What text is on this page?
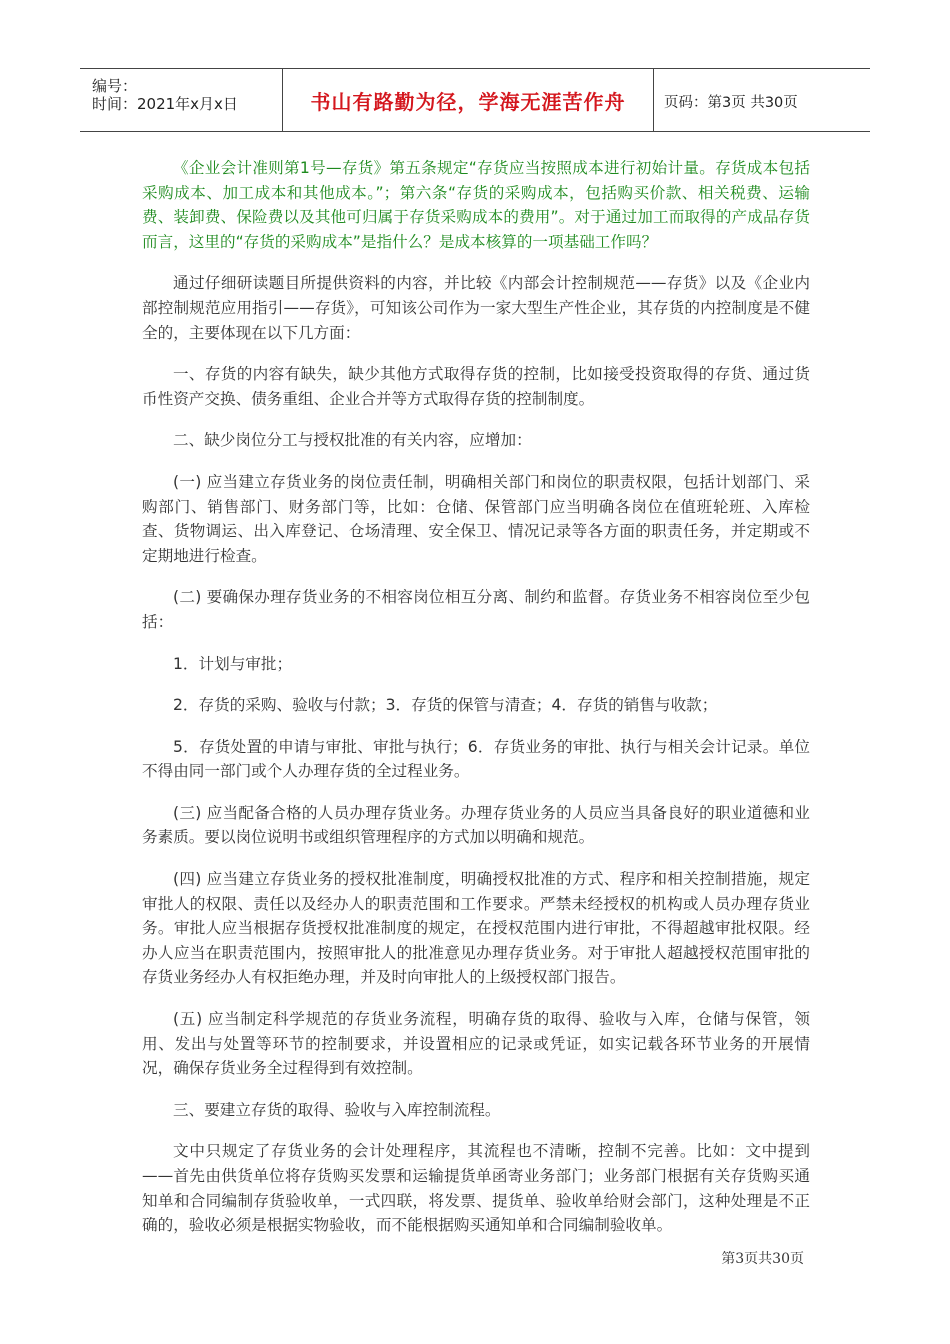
编号：
时间：2021年x月x日	书山有路勤为径，学海无涯苦作舟	页码：第3页 共30页

《企业会计准则第1号—存货》第五条规定“存货应当按照成本进行初始计量。存货成本包括采购成本、加工成本和其他成本。”；第六条“存货的采购成本，包括购买价款、相关税费、运输费、装卸费、保险费以及其他可归属于存货采购成本的费用”。对于通过加工而取得的产成品存货而言，这里的“存货的采购成本”是指什么？是成本核算的一项基础工作吗？

通过仔细研读题目所提供资料的内容，并比较《内部会计控制规范——存货》以及《企业内部控制规范应用指引——存货》，可知该公司作为一家大型生产性企业，其存货的内控制度是不健全的，主要体现在以下几方面：

一、存货的内容有缺失，缺少其他方式取得存货的控制，比如接受投资取得的存货、通过货币性资产交换、债务重组、企业合并等方式取得存货的控制制度。

二、缺少岗位分工与授权批准的有关内容，应增加：

(一) 应当建立存货业务的岗位责任制，明确相关部门和岗位的职责权限，包括计划部门、采购部门、销售部门、财务部门等，比如：仓储、保管部门应当明确各岗位在值班轮班、入库检查、货物调运、出入库登记、仓场清理、安全保卫、情况记录等各方面的职责任务，并定期或不定期地进行检查。

(二) 要确保办理存货业务的不相容岗位相互分离、制约和监督。存货业务不相容岗位至少包括：

1．计划与审批；

2．存货的采购、验收与付款；3．存货的保管与清查；4．存货的销售与收款；

5．存货处置的申请与审批、审批与执行；6．存货业务的审批、执行与相关会计记录。单位不得由同一部门或个人办理存货的全过程业务。

(三) 应当配备合格的人员办理存货业务。办理存货业务的人员应当具备良好的职业道德和业务素质。要以岗位说明书或组织管理程序的方式加以明确和规范。

(四) 应当建立存货业务的授权批准制度，明确授权批准的方式、程序和相关控制措施，规定审批人的权限、责任以及经办人的职责范围和工作要求。严禁未经授权的机构或人员办理存货业务。审批人应当根据存货授权批准制度的规定，在授权范围内进行审批，不得超越审批权限。经办人应当在职责范围内，按照审批人的批准意见办理存货业务。对于审批人超越授权范围审批的存货业务经办人有权拒绝办理，并及时向审批人的上级授权部门报告。

(五) 应当制定科学规范的存货业务流程，明确存货的取得、验收与入库，仓储与保管，领用、发出与处置等环节的控制要求，并设置相应的记录或凭证，如实记载各环节业务的开展情况，确保存货业务全过程得到有效控制。

三、要建立存货的取得、验收与入库控制流程。

文中只规定了存货业务的会计处理程序，其流程也不清晰，控制不完善。比如：文中提到——首先由供货单位将存货购买发票和运输提货单函寄业务部门；业务部门根据有关存货购买通知单和合同编制存货验收单，一式四联，将发票、提货单、验收单给财会部门，这种处理是不正确的，验收必须是根据实物验收，而不能根据购买通知单和合同编制验收单。

第3页共30页
